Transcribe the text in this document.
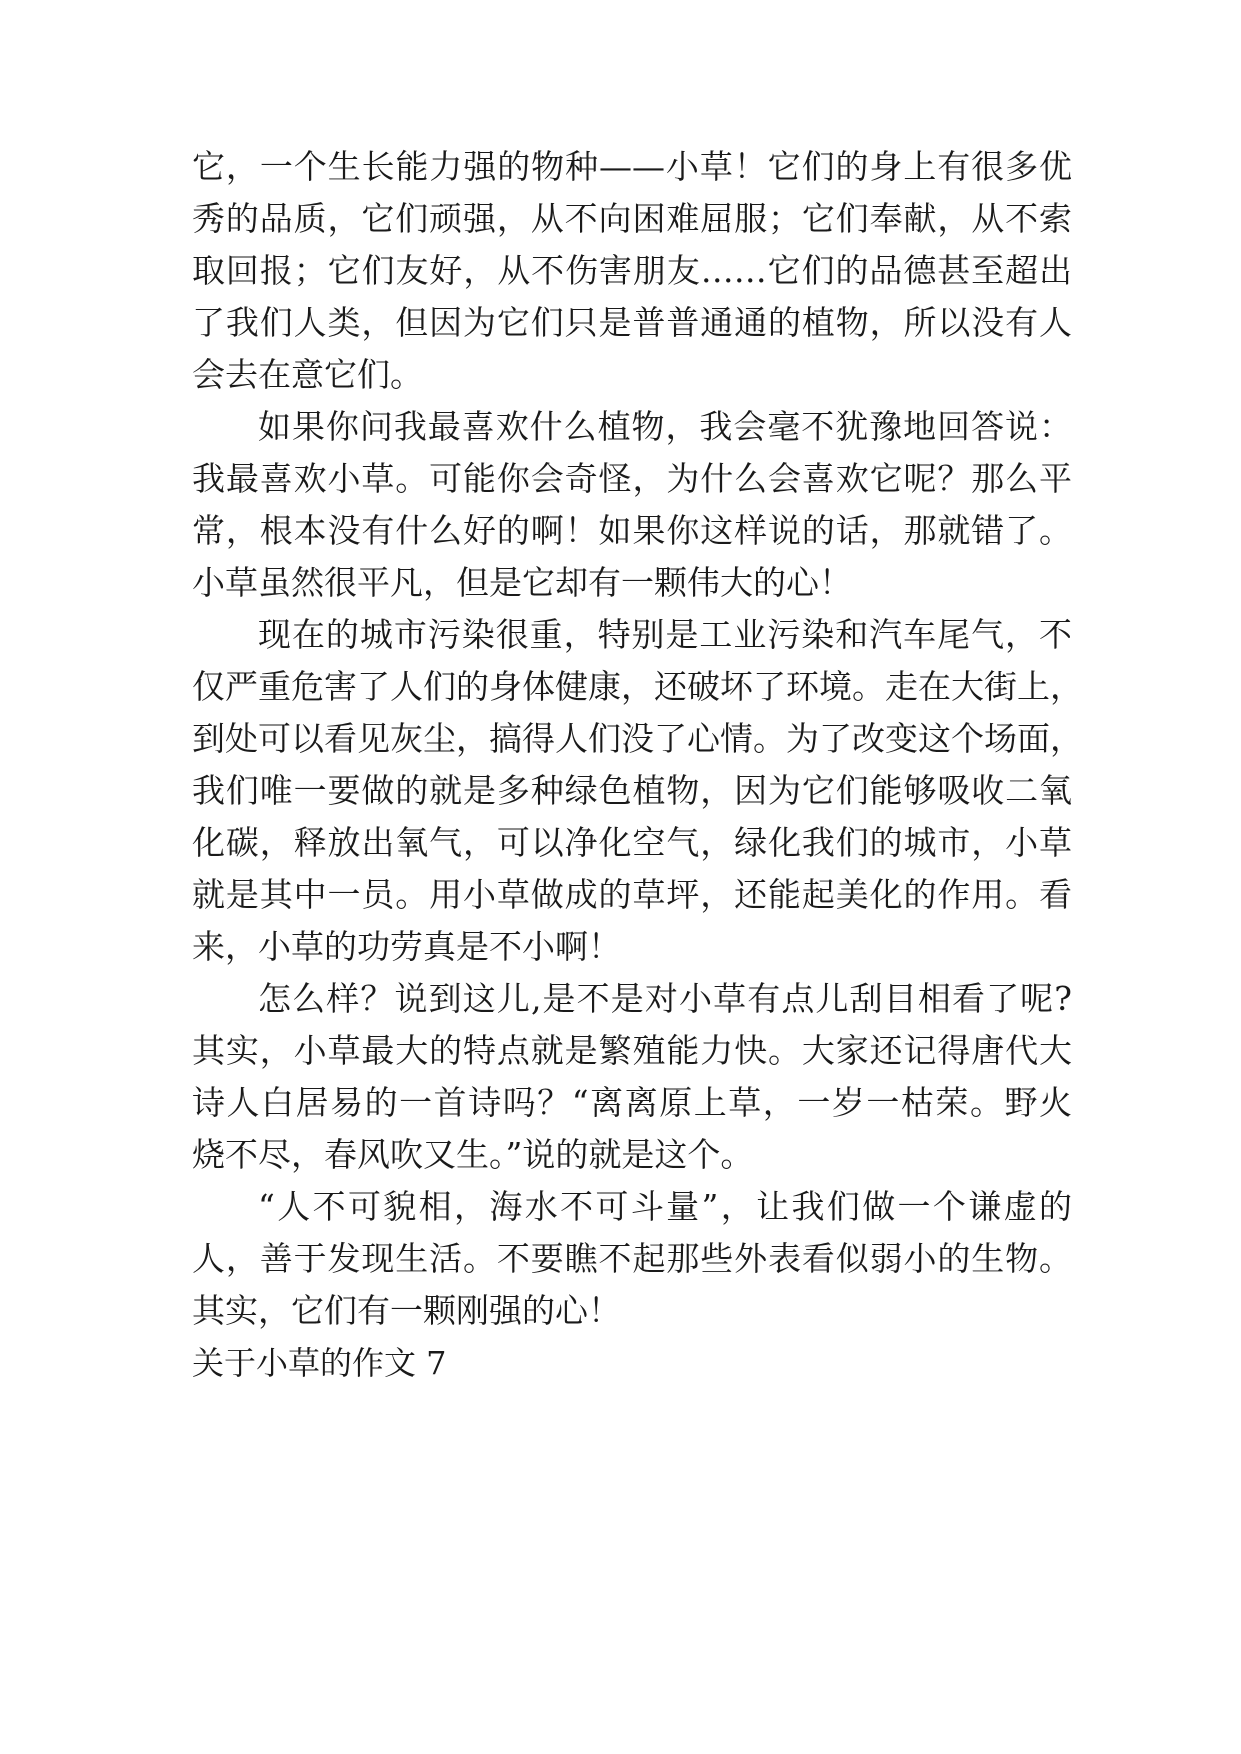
它，一个生长能力强的物种——小草！它们的身上有很多优
秀的品质，它们顽强，从不向困难屈服；它们奉献，从不索
取回报；它们友好，从不伤害朋友……它们的品德甚至超出
了我们人类，但因为它们只是普普通通的植物，所以没有人
会去在意它们。
如果你问我最喜欢什么植物，我会毫不犹豫地回答说：
我最喜欢小草。可能你会奇怪，为什么会喜欢它呢？那么平
常，根本没有什么好的啊！如果你这样说的话，那就错了。
小草虽然很平凡，但是它却有一颗伟大的心！
现在的城市污染很重，特别是工业污染和汽车尾气，不
仅严重危害了人们的身体健康，还破坏了环境。走在大街上，
到处可以看见灰尘，搞得人们没了心情。为了改变这个场面，
我们唯一要做的就是多种绿色植物，因为它们能够吸收二氧
化碳，释放出氧气，可以净化空气，绿化我们的城市，小草
就是其中一员。用小草做成的草坪，还能起美化的作用。看
来，小草的功劳真是不小啊！
怎么样？说到这儿,是不是对小草有点儿刮目相看了呢?
其实，小草最大的特点就是繁殖能力快。大家还记得唐代大
诗人白居易的一首诗吗？“离离原上草，一岁一枯荣。野火
烧不尽，春风吹又生。”说的就是这个。
“人不可貌相，海水不可斗量”，让我们做一个谦虚的
人，善于发现生活。不要瞧不起那些外表看似弱小的生物。
其实，它们有一颗刚强的心！
关于小草的作文 7
